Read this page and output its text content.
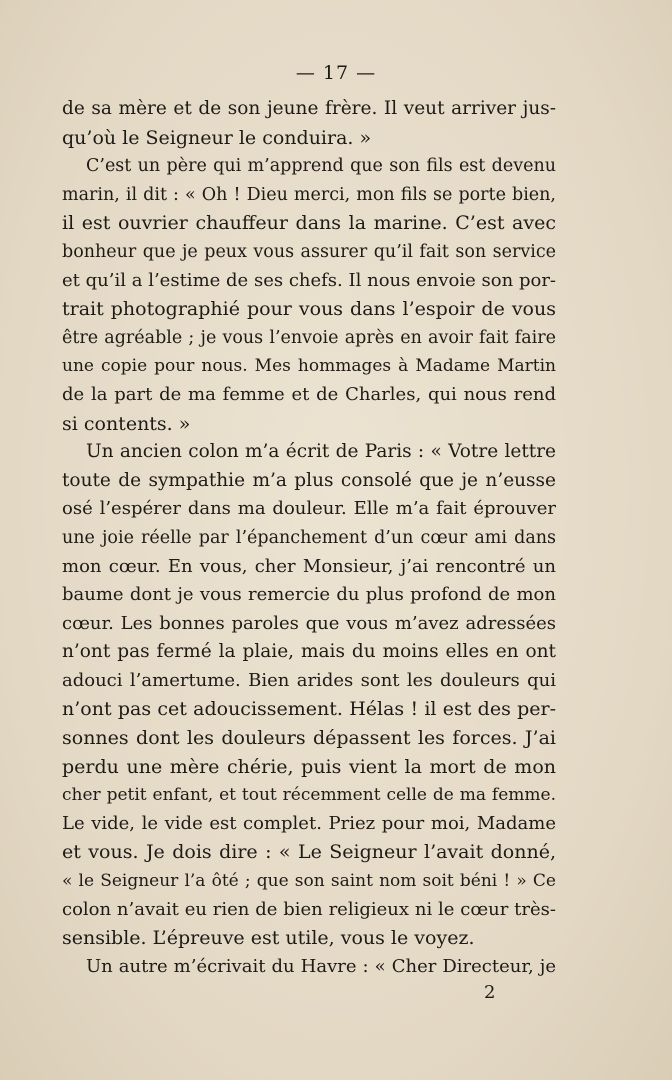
— 17 —
de sa mère et de son jeune frère. Il veut arriver jus-
qu’où le Seigneur le conduira. »
C’est un père qui m’apprend que son fils est devenu
marin, il dit : « Oh ! Dieu merci, mon fils se porte bien,
il est ouvrier chauffeur dans la marine. C’est avec
bonheur que je peux vous assurer qu’il fait son service
et qu’il a l’estime de ses chefs. Il nous envoie son por-
trait photographié pour vous dans l’espoir de vous
être agréable ; je vous l’envoie après en avoir fait faire
une copie pour nous. Mes hommages à Madame Martin
de la part de ma femme et de Charles, qui nous rend
si contents. »
Un ancien colon m’a écrit de Paris : « Votre lettre
toute de sympathie m’a plus consolé que je n’eusse
osé l’espérer dans ma douleur. Elle m’a fait éprouver
une joie réelle par l’épanchement d’un cœur ami dans
mon cœur. En vous, cher Monsieur, j’ai rencontré un
baume dont je vous remercie du plus profond de mon
cœur. Les bonnes paroles que vous m’avez adressées
n’ont pas fermé la plaie, mais du moins elles en ont
adouci l’amertume. Bien arides sont les douleurs qui
n’ont pas cet adoucissement. Hélas ! il est des per-
sonnes dont les douleurs dépassent les forces. J’ai
perdu une mère chérie, puis vient la mort de mon
cher petit enfant, et tout récemment celle de ma femme.
Le vide, le vide est complet. Priez pour moi, Madame
et vous. Je dois dire : « Le Seigneur l’avait donné,
« le Seigneur l’a ôté ; que son saint nom soit béni ! » Ce
colon n’avait eu rien de bien religieux ni le cœur très-
sensible. L’épreuve est utile, vous le voyez.
Un autre m’écrivait du Havre : « Cher Directeur, je
2
